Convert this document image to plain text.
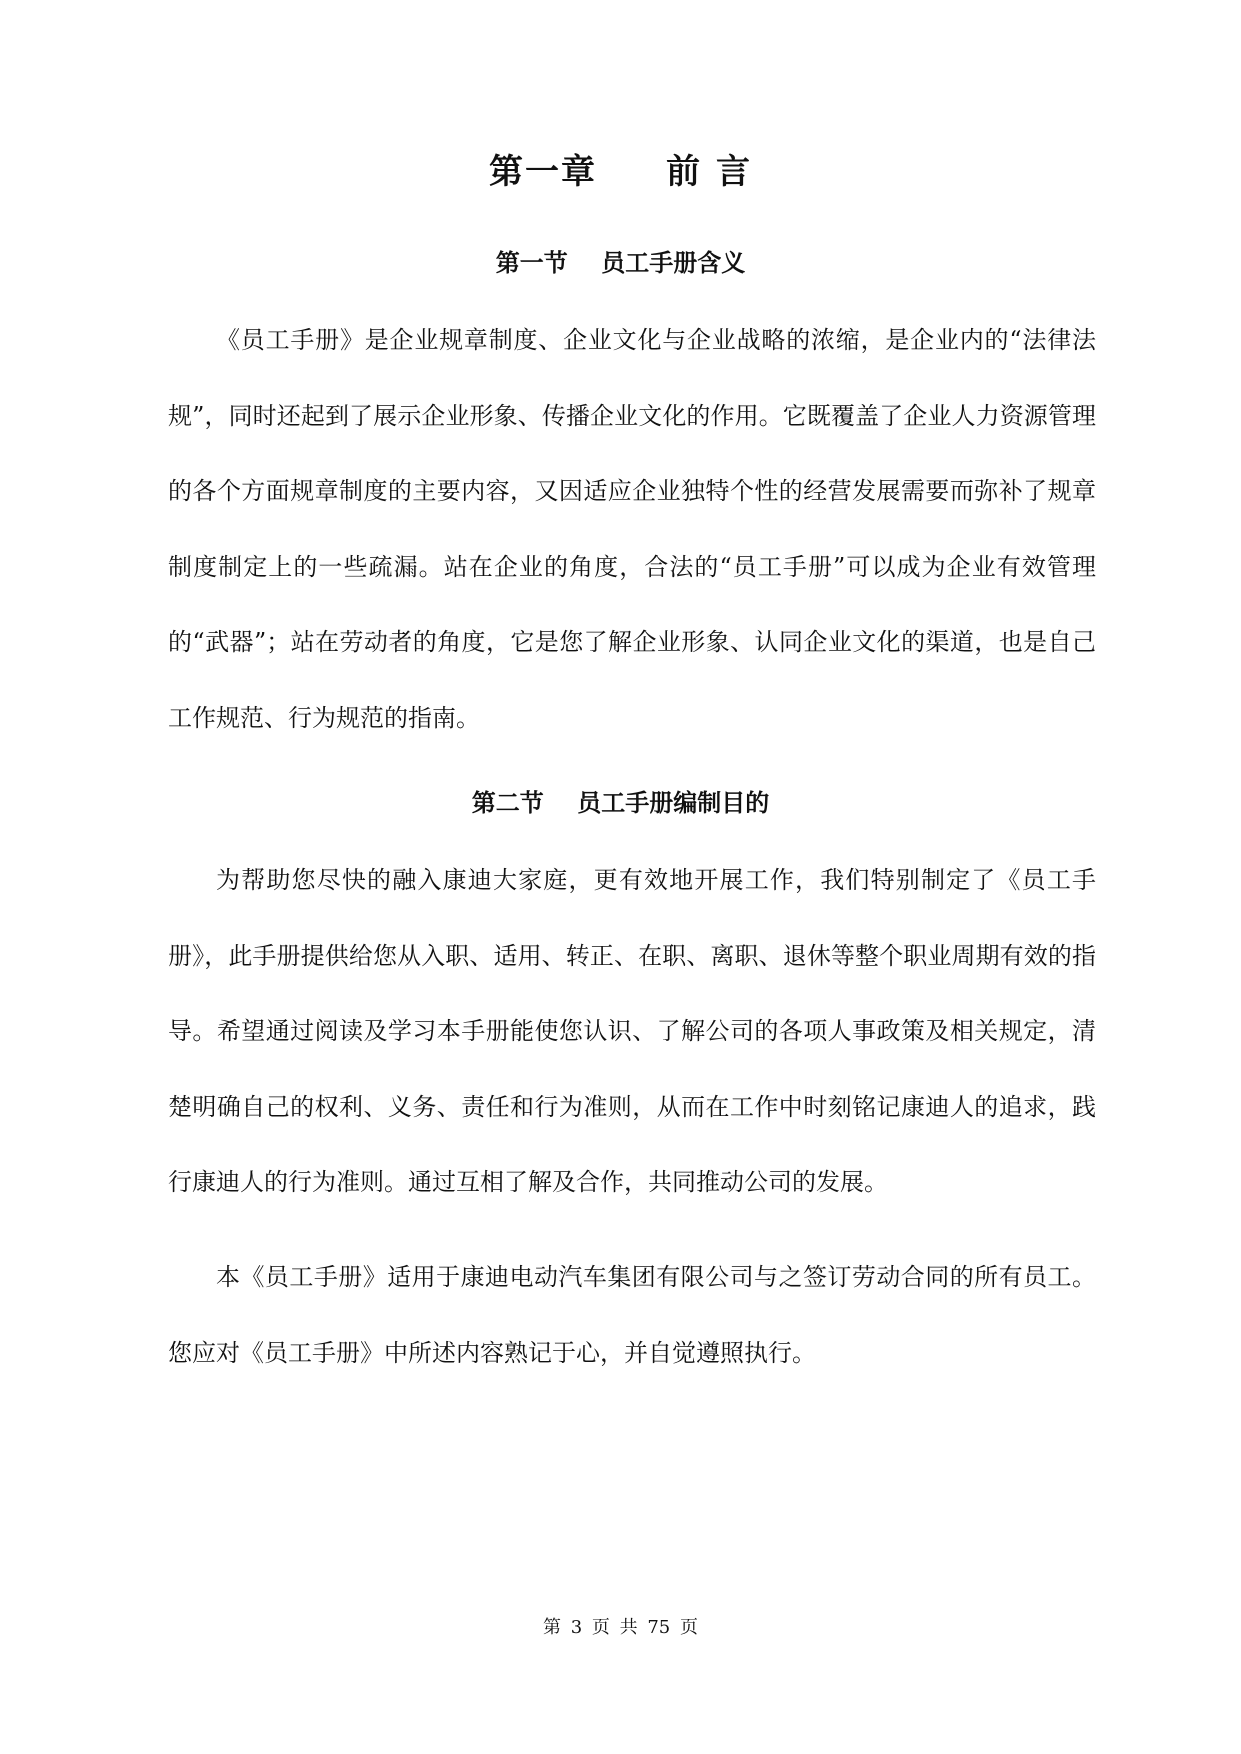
第一章     前 言
第一节    员工手册含义

《员工手册》是企业规章制度、企业文化与企业战略的浓缩，是企业内的“法律法规”，同时还起到了展示企业形象、传播企业文化的作用。它既覆盖了企业人力资源管理的各个方面规章制度的主要内容，又因适应企业独特个性的经营发展需要而弥补了规章制度制定上的一些疏漏。站在企业的角度，合法的“员工手册”可以成为企业有效管理的“武器”；站在劳动者的角度，它是您了解企业形象、认同企业文化的渠道，也是自己工作规范、行为规范的指南。

第二节    员工手册编制目的

为帮助您尽快的融入康迪大家庭，更有效地开展工作，我们特别制定了《员工手册》，此手册提供给您从入职、适用、转正、在职、离职、退休等整个职业周期有效的指导。希望通过阅读及学习本手册能使您认识、了解公司的各项人事政策及相关规定，清楚明确自己的权利、义务、责任和行为准则，从而在工作中时刻铭记康迪人的追求，践行康迪人的行为准则。通过互相了解及合作，共同推动公司的发展。

本《员工手册》适用于康迪电动汽车集团有限公司与之签订劳动合同的所有员工。您应对《员工手册》中所述内容熟记于心，并自觉遵照执行。

第 3 页 共 75 页
